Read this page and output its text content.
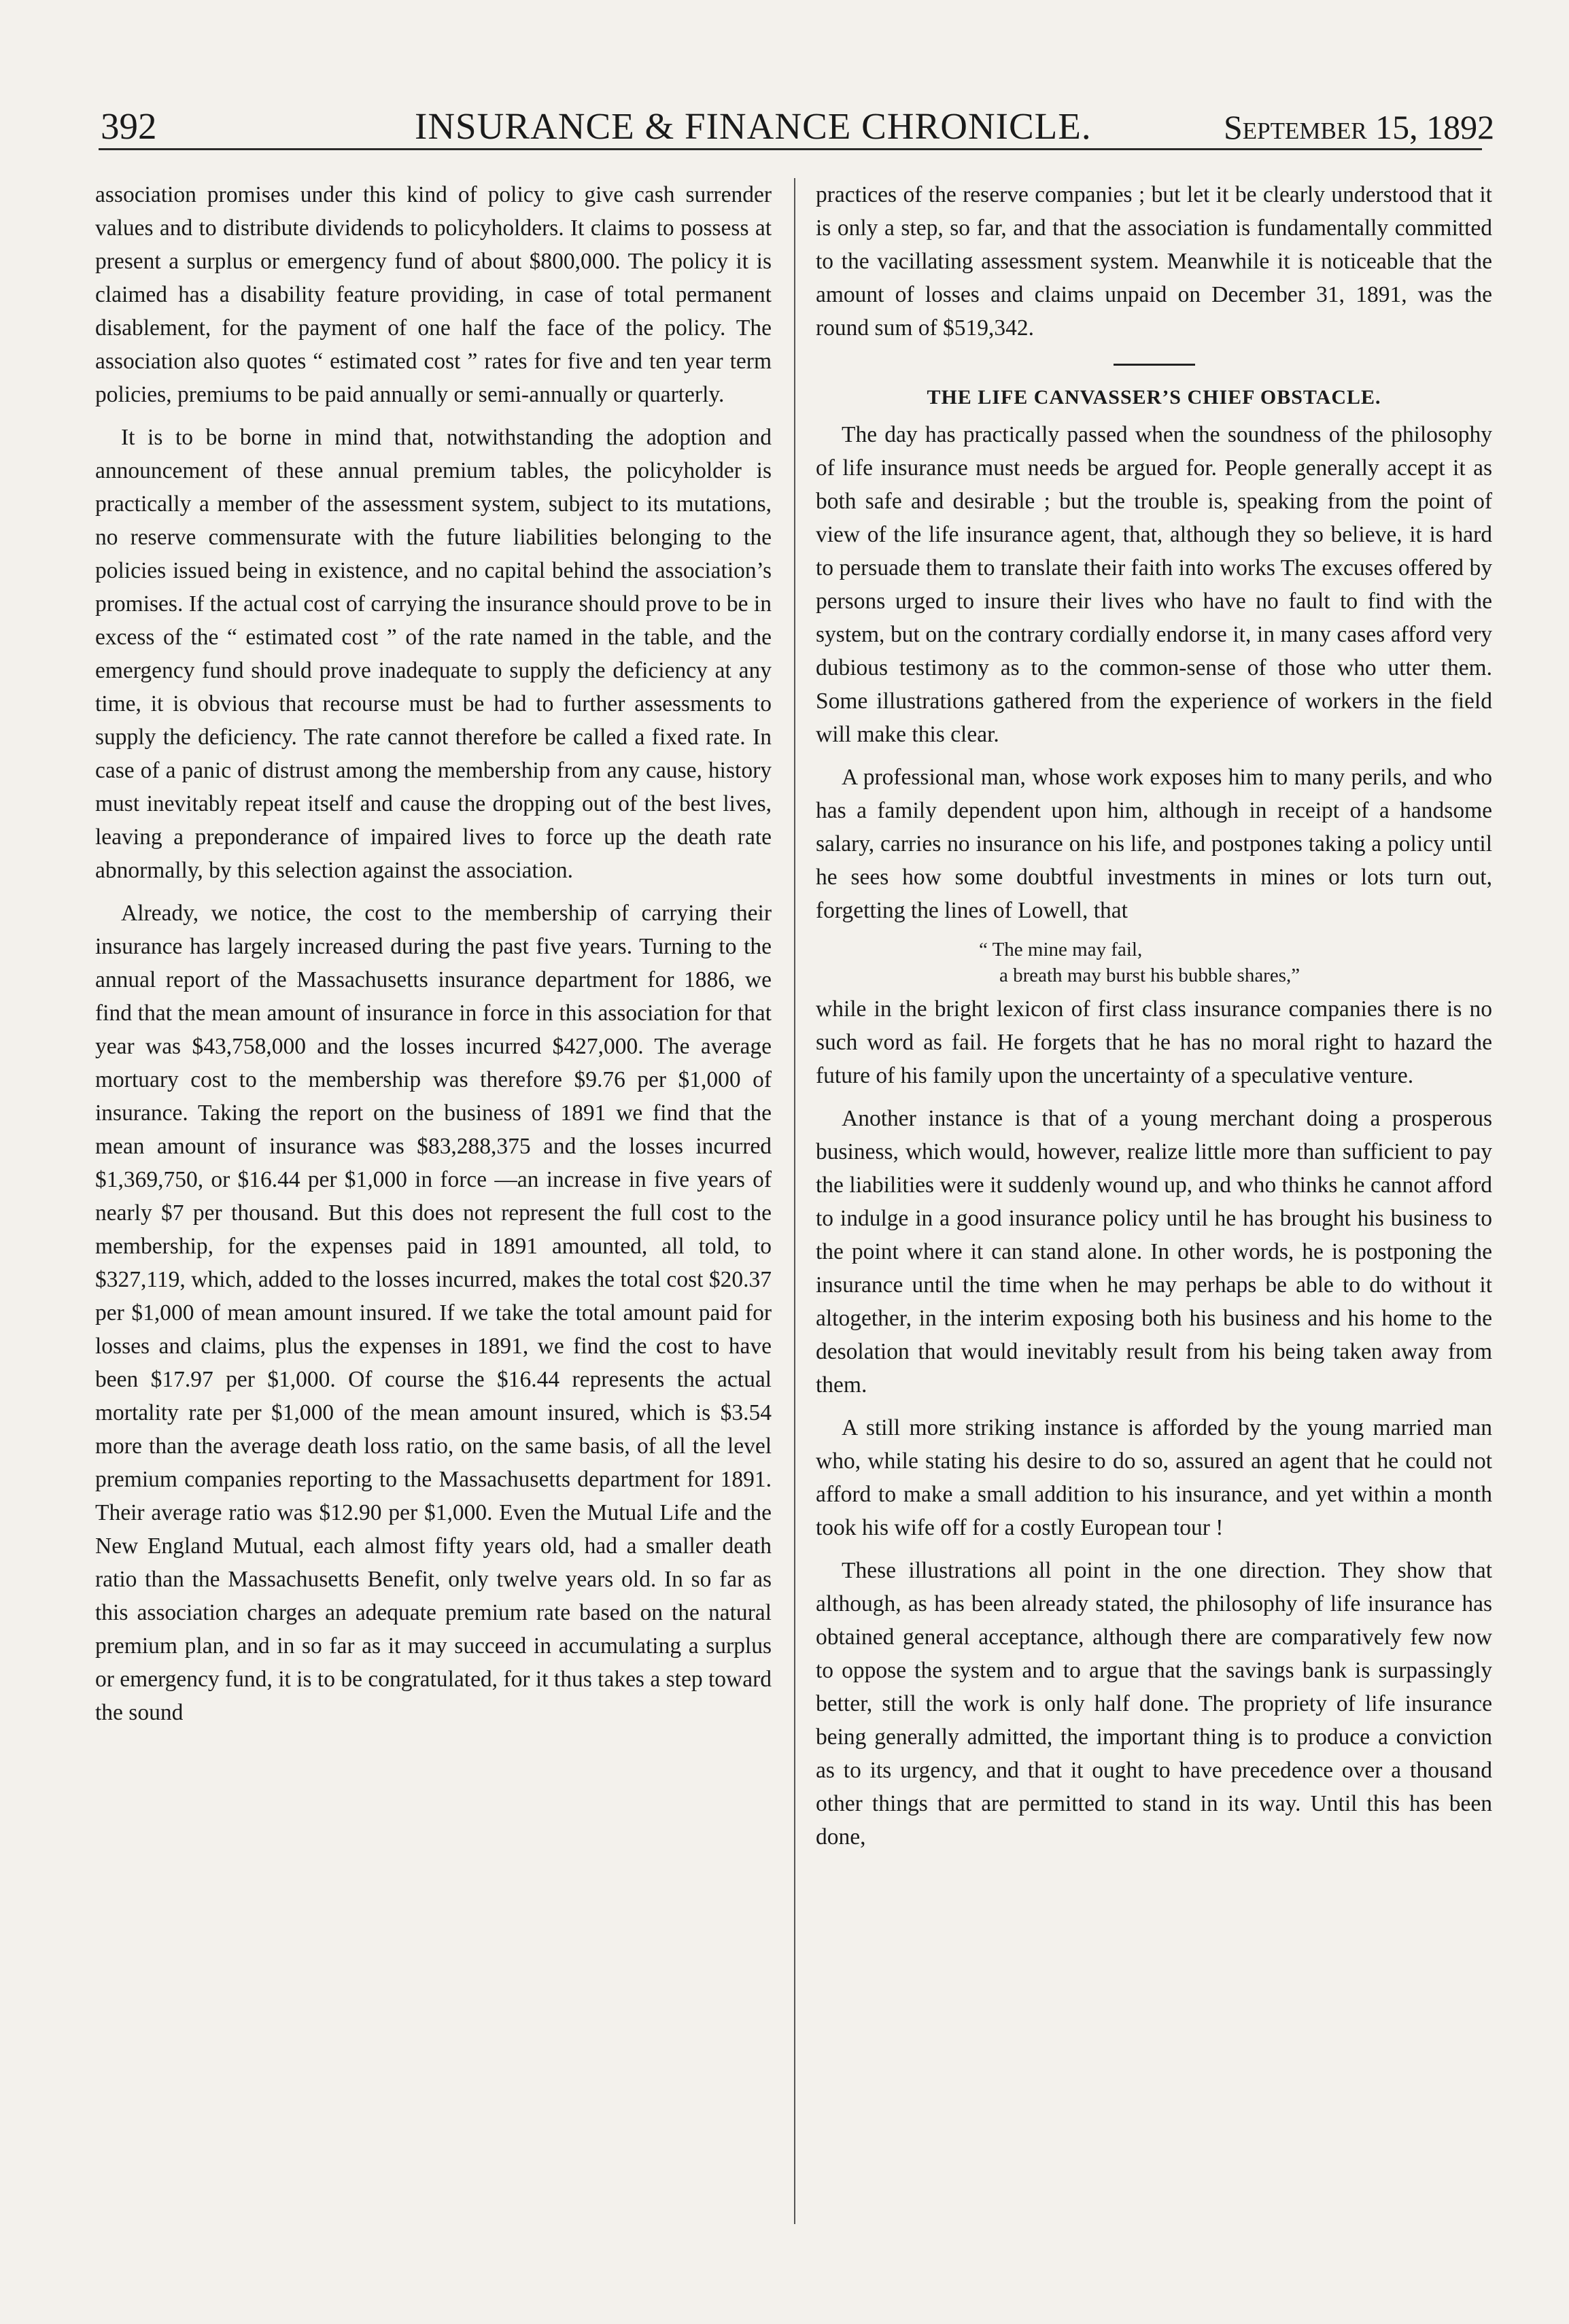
392	INSURANCE & FINANCE CHRONICLE.	September 15, 1892

association promises under this kind of policy to give cash surrender values and to distribute dividends to policyholders. It claims to possess at present a surplus or emergency fund of about $800,000. The policy it is claimed has a disability feature providing, in case of total permanent disablement, for the payment of one half the face of the policy. The association also quotes “ estimated cost ” rates for five and ten year term policies, premiums to be paid annually or semi-annually or quarterly.

It is to be borne in mind that, notwithstanding the adoption and announcement of these annual premium tables, the policyholder is practically a member of the assessment system, subject to its mutations, no reserve commensurate with the future liabilities belonging to the policies issued being in existence, and no capital behind the association’s promises. If the actual cost of carrying the insurance should prove to be in excess of the “ estimated cost ” of the rate named in the table, and the emergency fund should prove inadequate to supply the deficiency at any time, it is obvious that recourse must be had to further assessments to supply the deficiency. The rate cannot therefore be called a fixed rate. In case of a panic of distrust among the membership from any cause, history must inevitably repeat itself and cause the dropping out of the best lives, leaving a preponderance of impaired lives to force up the death rate abnormally, by this selection against the association.

Already, we notice, the cost to the membership of carrying their insurance has largely increased during the past five years. Turning to the annual report of the Massachusetts insurance department for 1886, we find that the mean amount of insurance in force in this association for that year was $43,758,000 and the losses incurred $427,000. The average mortuary cost to the membership was therefore $9.76 per $1,000 of insurance. Taking the report on the business of 1891 we find that the mean amount of insurance was $83,288,375 and the losses incurred $1,369,750, or $16.44 per $1,000 in force —an increase in five years of nearly $7 per thousand. But this does not represent the full cost to the membership, for the expenses paid in 1891 amounted, all told, to $327,119, which, added to the losses incurred, makes the total cost $20.37 per $1,000 of mean amount insured. If we take the total amount paid for losses and claims, plus the expenses in 1891, we find the cost to have been $17.97 per $1,000. Of course the $16.44 represents the actual mortality rate per $1,000 of the mean amount insured, which is $3.54 more than the average death loss ratio, on the same basis, of all the level premium companies reporting to the Massachusetts department for 1891. Their average ratio was $12.90 per $1,000. Even the Mutual Life and the New England Mutual, each almost fifty years old, had a smaller death ratio than the Massachusetts Benefit, only twelve years old. In so far as this association charges an adequate premium rate based on the natural premium plan, and in so far as it may succeed in accumulating a surplus or emergency fund, it is to be congratulated, for it thus takes a step toward the sound

practices of the reserve companies ; but let it be clearly understood that it is only a step, so far, and that the association is fundamentally committed to the vacillating assessment system. Meanwhile it is noticeable that the amount of losses and claims unpaid on December 31, 1891, was the round sum of $519,342.

THE LIFE CANVASSER’S CHIEF OBSTACLE.

The day has practically passed when the soundness of the philosophy of life insurance must needs be argued for. People generally accept it as both safe and desirable ; but the trouble is, speaking from the point of view of the life insurance agent, that, although they so believe, it is hard to persuade them to translate their faith into works The excuses offered by persons urged to insure their lives who have no fault to find with the system, but on the contrary cordially endorse it, in many cases afford very dubious testimony as to the common-sense of those who utter them. Some illustrations gathered from the experience of workers in the field will make this clear.

A professional man, whose work exposes him to many perils, and who has a family dependent upon him, although in receipt of a handsome salary, carries no insurance on his life, and postpones taking a policy until he sees how some doubtful investments in mines or lots turn out, forgetting the lines of Lowell, that

“ The mine may fail,
a breath may burst his bubble shares,”

while in the bright lexicon of first class insurance companies there is no such word as fail. He forgets that he has no moral right to hazard the future of his family upon the uncertainty of a speculative venture.

Another instance is that of a young merchant doing a prosperous business, which would, however, realize little more than sufficient to pay the liabilities were it suddenly wound up, and who thinks he cannot afford to indulge in a good insurance policy until he has brought his business to the point where it can stand alone. In other words, he is postponing the insurance until the time when he may perhaps be able to do without it altogether, in the interim exposing both his business and his home to the desolation that would inevitably result from his being taken away from them.

A still more striking instance is afforded by the young married man who, while stating his desire to do so, assured an agent that he could not afford to make a small addition to his insurance, and yet within a month took his wife off for a costly European tour !

These illustrations all point in the one direction. They show that although, as has been already stated, the philosophy of life insurance has obtained general acceptance, although there are comparatively few now to oppose the system and to argue that the savings bank is surpassingly better, still the work is only half done. The propriety of life insurance being generally admitted, the important thing is to produce a conviction as to its urgency, and that it ought to have precedence over a thousand other things that are permitted to stand in its way. Until this has been done,
